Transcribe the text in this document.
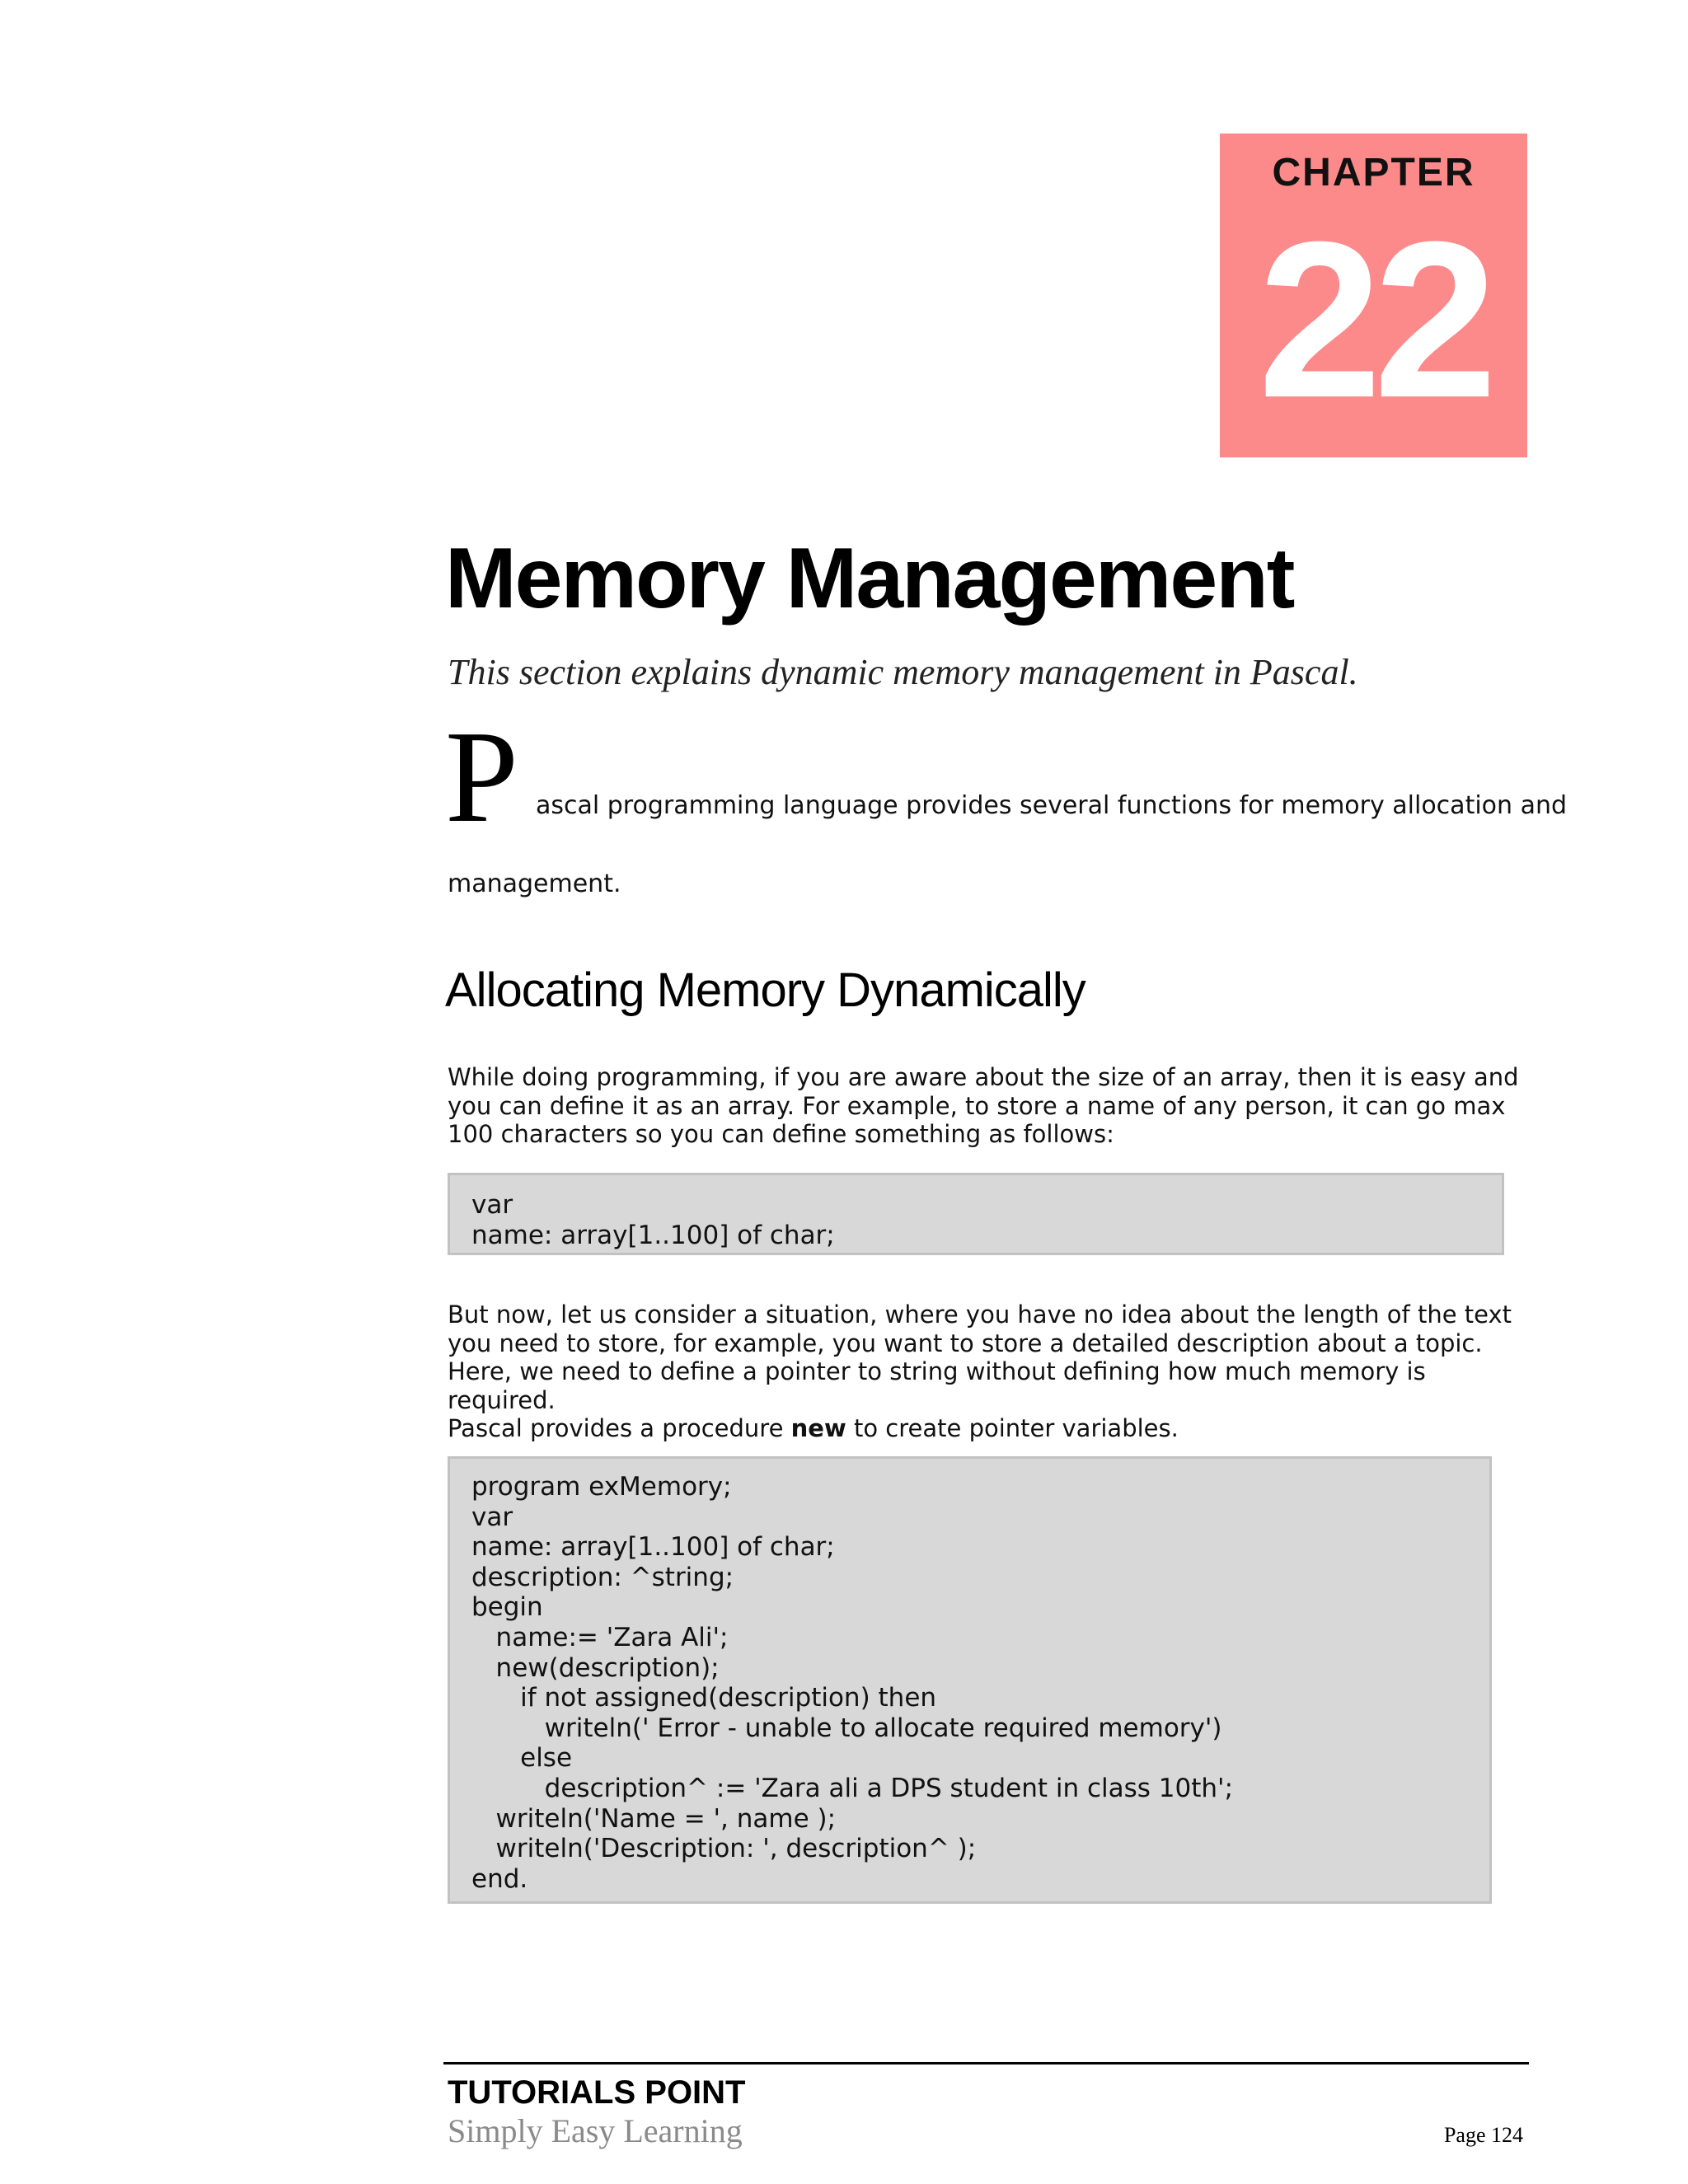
CHAPTER
22
Memory Management
This section explains dynamic memory management in Pascal.
P ascal programming language provides several functions for memory allocation and
management.
Allocating Memory Dynamically
While doing programming, if you are aware about the size of an array, then it is easy and
you can define it as an array. For example, to store a name of any person, it can go max
100 characters so you can define something as follows:
var
name: array[1..100] of char;
But now, let us consider a situation, where you have no idea about the length of the text
you need to store, for example, you want to store a detailed description about a topic.
Here, we need to define a pointer to string without defining how much memory is
required.
Pascal provides a procedure new to create pointer variables.
program exMemory;
var
name: array[1..100] of char;
description: ^string;
begin
name:= 'Zara Ali';
new(description);
if not assigned(description) then
writeln(' Error - unable to allocate required memory')
else
description^ := 'Zara ali a DPS student in class 10th';
writeln('Name = ', name );
writeln('Description: ', description^ );
end.
TUTORIALS POINT
Simply Easy Learning	Page 124
